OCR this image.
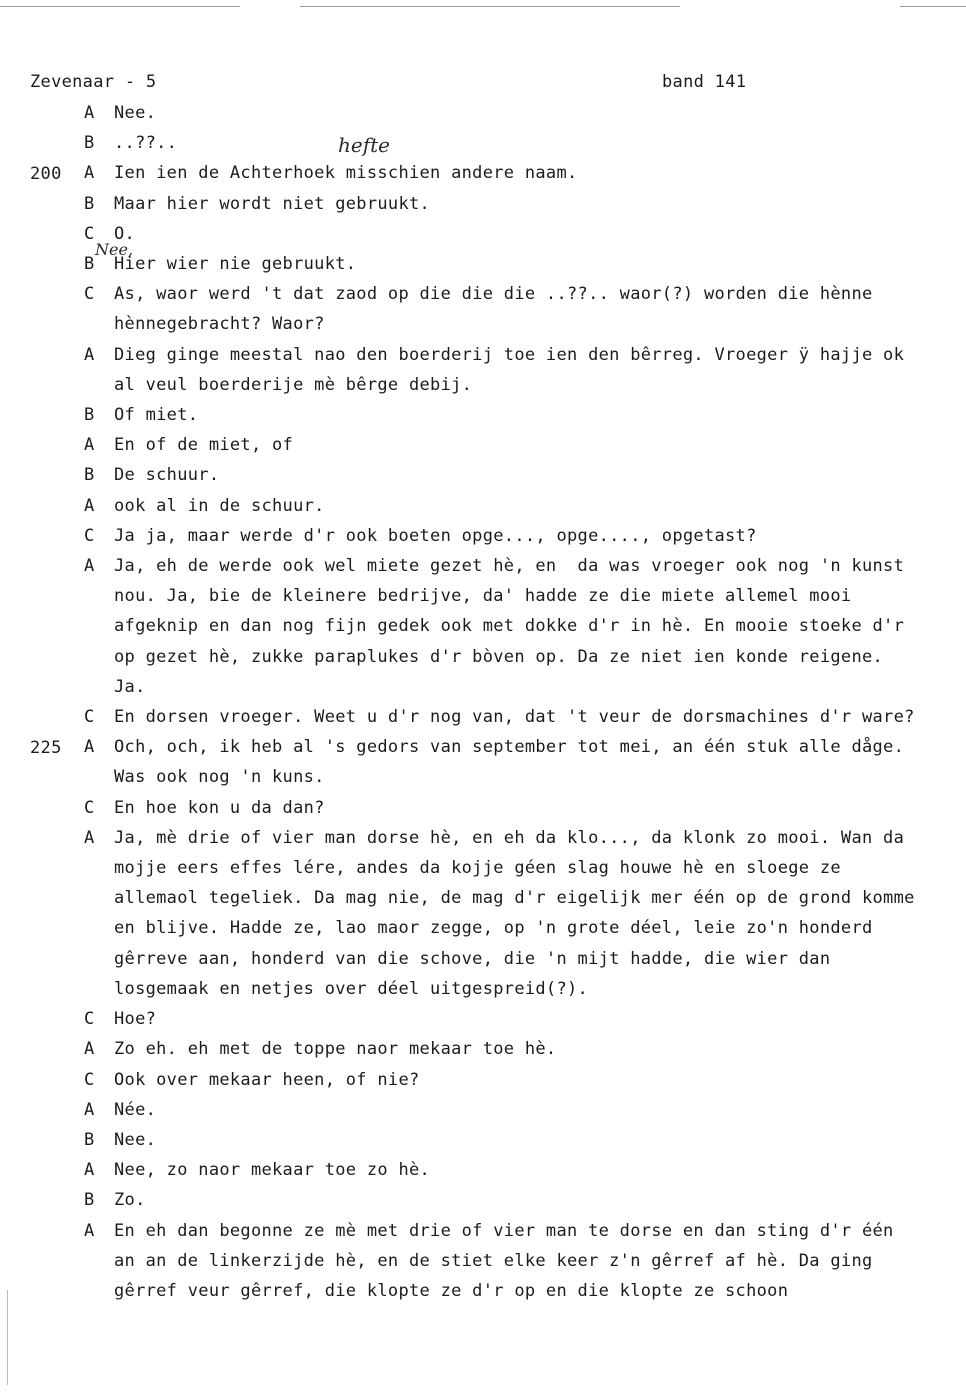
Zevenaar - 5	band 141
200
225
hefte
Nee,
A	Nee.
B	..??..
A	Ien ien de Achterhoek misschien andere naam.
B	Maar hier wordt niet gebruukt.
C	O.
B	Hier wier nie gebruukt.
C	As, waor werd 't dat zaod op die die die ..??.. waor(?) worden die hènne hènnegebracht? Waor?
A	Dieg ginge meestal nao den boerderij toe ien den bêrreg. Vroeger ÿ hajje ok al veul boerderije mè bêrge debij.
B	Of miet.
A	En of de miet, of
B	De schuur.
A	ook al in de schuur.
C	Ja ja, maar werde d'r ook boeten opge..., opge...., opgetast?
A	Ja, eh de werde ook wel miete gezet hè, en  da was vroeger ook nog 'n kunst nou. Ja, bie de kleinere bedrijve, da' hadde ze die miete allemel mooi afgeknip en dan nog fijn gedek ook met dokke d'r in hè. En mooie stoeke d'r op gezet hè, zukke paraplukes d'r bòven op. Da ze niet ien konde reigene. Ja.
C	En dorsen vroeger. Weet u d'r nog van, dat 't veur de dorsmachines d'r ware?
A	Och, och, ik heb al 's gedors van september tot mei, an één stuk alle dåge. Was ook nog 'n kuns.
C	En hoe kon u da dan?
A	Ja, mè drie of vier man dorse hè, en eh da klo..., da klonk zo mooi. Wan da mojje eers effes lére, andes da kojje géen slag houwe hè en sloege ze allemaol tegeliek. Da mag nie, de mag d'r eigelijk mer één op de grond komme en blijve. Hadde ze, lao maor zegge, op 'n grote déel, leie zo'n honderd gêrreve aan, honderd van die schove, die 'n mijt hadde, die wier dan losgemaak en netjes over déel uitgespreid(?).
C	Hoe?
A	Zo eh. eh met de toppe naor mekaar toe hè.
C	Ook over mekaar heen, of nie?
A	Née.
B	Nee.
A	Nee, zo naor mekaar toe zo hè.
B	Zo.
A	En eh dan begonne ze mè met drie of vier man te dorse en dan sting d'r één an an de linkerzijde hè, en de stiet elke keer z'n gêrref af hè. Da ging gêrref veur gêrref, die klopte ze d'r op en die klopte ze schoon
